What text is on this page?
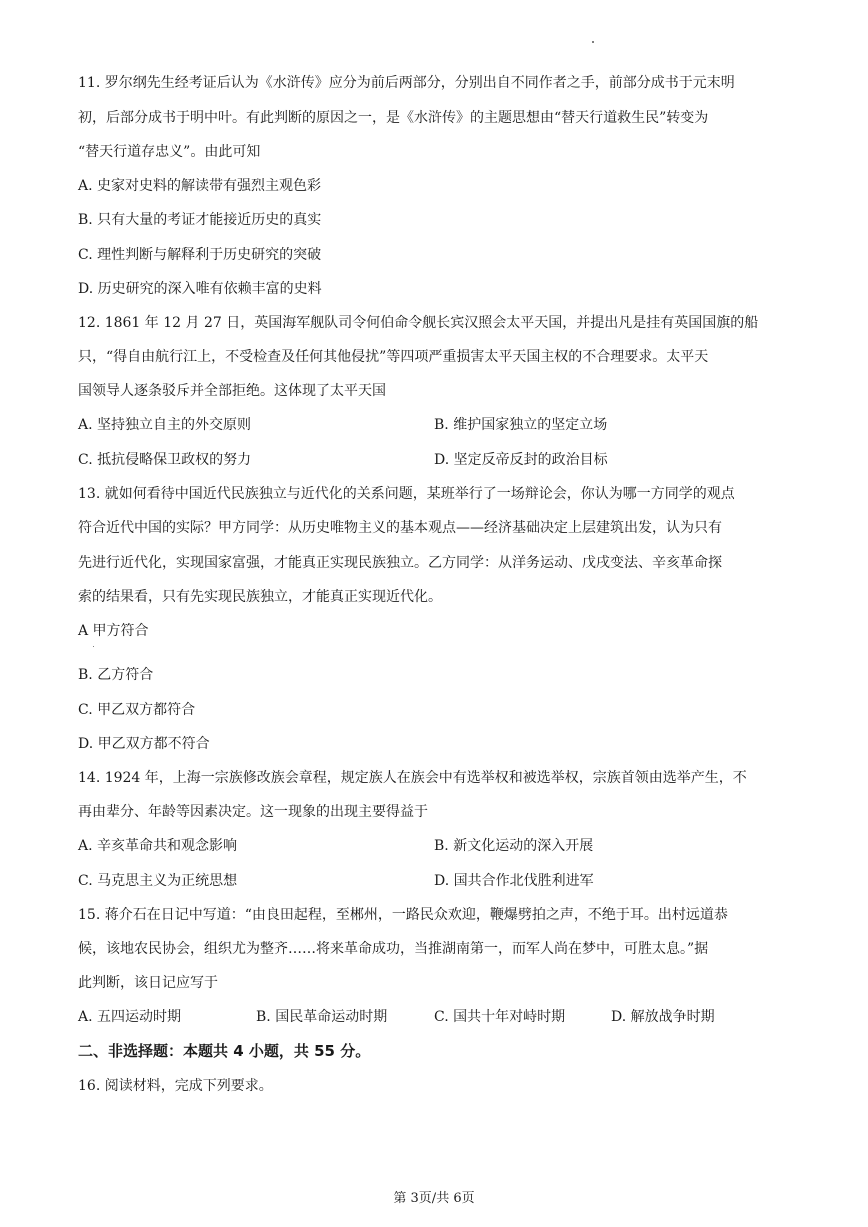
11. 罗尔纲先生经考证后认为《水浒传》应分为前后两部分，分别出自不同作者之手，前部分成书于元末明
初，后部分成书于明中叶。有此判断的原因之一，是《水浒传》的主题思想由“替天行道救生民”转变为
“替天行道存忠义”。由此可知
A. 史家对史料的解读带有强烈主观色彩
B. 只有大量的考证才能接近历史的真实
C. 理性判断与解释利于历史研究的突破
D. 历史研究的深入唯有依赖丰富的史料
12. 1861 年 12 月 27 日，英国海军舰队司令何伯命令舰长宾汉照会太平天国，并提出凡是挂有英国国旗的船
只，“得自由航行江上，不受检查及任何其他侵扰”等四项严重损害太平天国主权的不合理要求。太平天
国领导人逐条驳斥并全部拒绝。这体现了太平天国
A. 坚持独立自主的外交原则	B. 维护国家独立的坚定立场
C. 抵抗侵略保卫政权的努力	D. 坚定反帝反封的政治目标
13. 就如何看待中国近代民族独立与近代化的关系问题，某班举行了一场辩论会，你认为哪一方同学的观点
符合近代中国的实际？甲方同学：从历史唯物主义的基本观点——经济基础决定上层建筑出发，认为只有
先进行近代化，实现国家富强，才能真正实现民族独立。乙方同学：从洋务运动、戊戌变法、辛亥革命探
索的结果看，只有先实现民族独立，才能真正实现近代化。
A 甲方符合
B. 乙方符合
C. 甲乙双方都符合
D. 甲乙双方都不符合
14. 1924 年，上海一宗族修改族会章程，规定族人在族会中有选举权和被选举权，宗族首领由选举产生，不
再由辈分、年龄等因素决定。这一现象的出现主要得益于
A. 辛亥革命共和观念影响	B. 新文化运动的深入开展
C. 马克思主义为正统思想	D. 国共合作北伐胜利进军
15. 蒋介石在日记中写道：“由良田起程，至郴州，一路民众欢迎，鞭爆劈拍之声，不绝于耳。出村远道恭
候，该地农民协会，组织尤为整齐……将来革命成功，当推湖南第一，而军人尚在梦中，可胜太息。”据
此判断，该日记应写于
A. 五四运动时期	B. 国民革命运动时期	C. 国共十年对峙时期	D. 解放战争时期
二、非选择题：本题共 4 小题，共 55 分。
16. 阅读材料，完成下列要求。
第 3页/共 6页
